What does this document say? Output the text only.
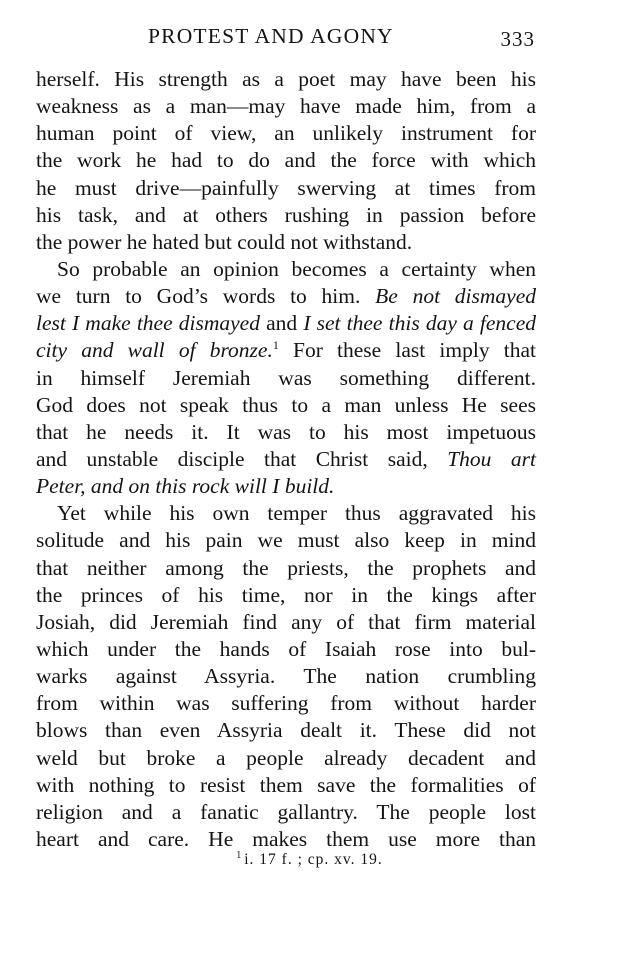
PROTEST AND AGONY	333
herself. His strength as a poet may have been his
weakness as a man—may have made him, from a
human point of view, an unlikely instrument for
the work he had to do and the force with which
he must drive—painfully swerving at times from
his task, and at others rushing in passion before
the power he hated but could not withstand.
So probable an opinion becomes a certainty when
we turn to God’s words to him. Be not dismayed
lest I make thee dismayed and I set thee this day a fenced
city and wall of bronze.$^1$ For these last imply that
in himself Jeremiah was something different.
God does not speak thus to a man unless He sees
that he needs it. It was to his most impetuous
and unstable disciple that Christ said, Thou art
Peter, and on this rock will I build.
Yet while his own temper thus aggravated his
solitude and his pain we must also keep in mind
that neither among the priests, the prophets and
the princes of his time, nor in the kings after
Josiah, did Jeremiah find any of that firm material
which under the hands of Isaiah rose into bul-
warks against Assyria. The nation crumbling
from within was suffering from without harder
blows than even Assyria dealt it. These did not
weld but broke a people already decadent and
with nothing to resist them save the formalities of
religion and a fanatic gallantry. The people lost
heart and care. He makes them use more than
$^1$ i. 17 f. ; cp. xv. 19.
